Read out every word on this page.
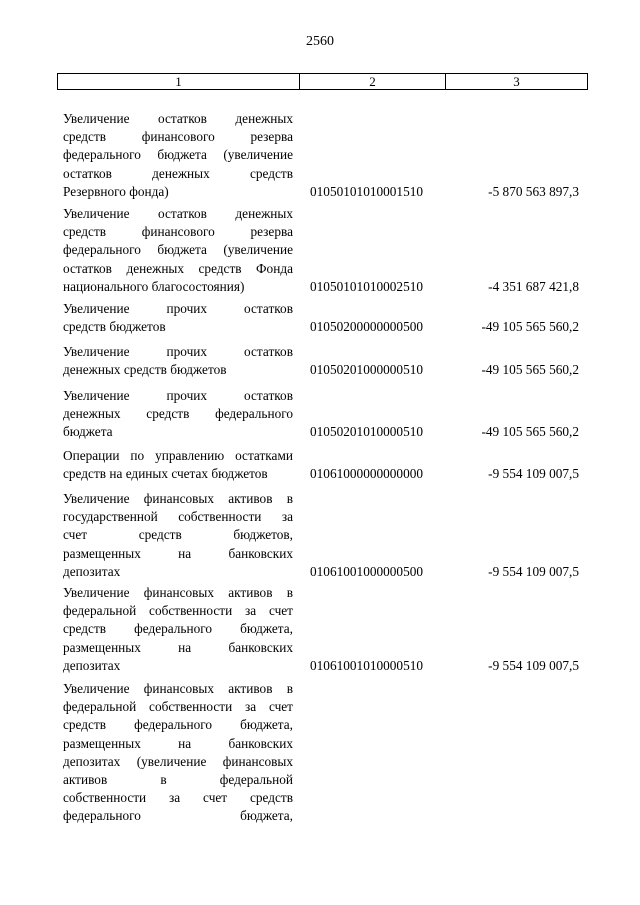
2560
1	2	3
Увеличение остатков денежных
средств финансового резерва
федерального бюджета (увеличение
остатков денежных средств
Резервного фонда)	01050101010001510	-5 870 563 897,3
Увеличение остатков денежных
средств финансового резерва
федерального бюджета (увеличение
остатков денежных средств Фонда
национального благосостояния)	01050101010002510	-4 351 687 421,8
Увеличение прочих остатков
средств бюджетов	01050200000000500	-49 105 565 560,2
Увеличение прочих остатков
денежных средств бюджетов	01050201000000510	-49 105 565 560,2
Увеличение прочих остатков
денежных средств федерального
бюджета	01050201010000510	-49 105 565 560,2
Операции по управлению остатками
средств на единых счетах бюджетов	01061000000000000	-9 554 109 007,5
Увеличение финансовых активов в
государственной собственности за
счет средств бюджетов,
размещенных на банковских
депозитах	01061001000000500	-9 554 109 007,5
Увеличение финансовых активов в
федеральной собственности за счет
средств федерального бюджета,
размещенных на банковских
депозитах	01061001010000510	-9 554 109 007,5
Увеличение финансовых активов в
федеральной собственности за счет
средств федерального бюджета,
размещенных на банковских
депозитах (увеличение финансовых
активов в федеральной
собственности за счет средств
федерального бюджета,
